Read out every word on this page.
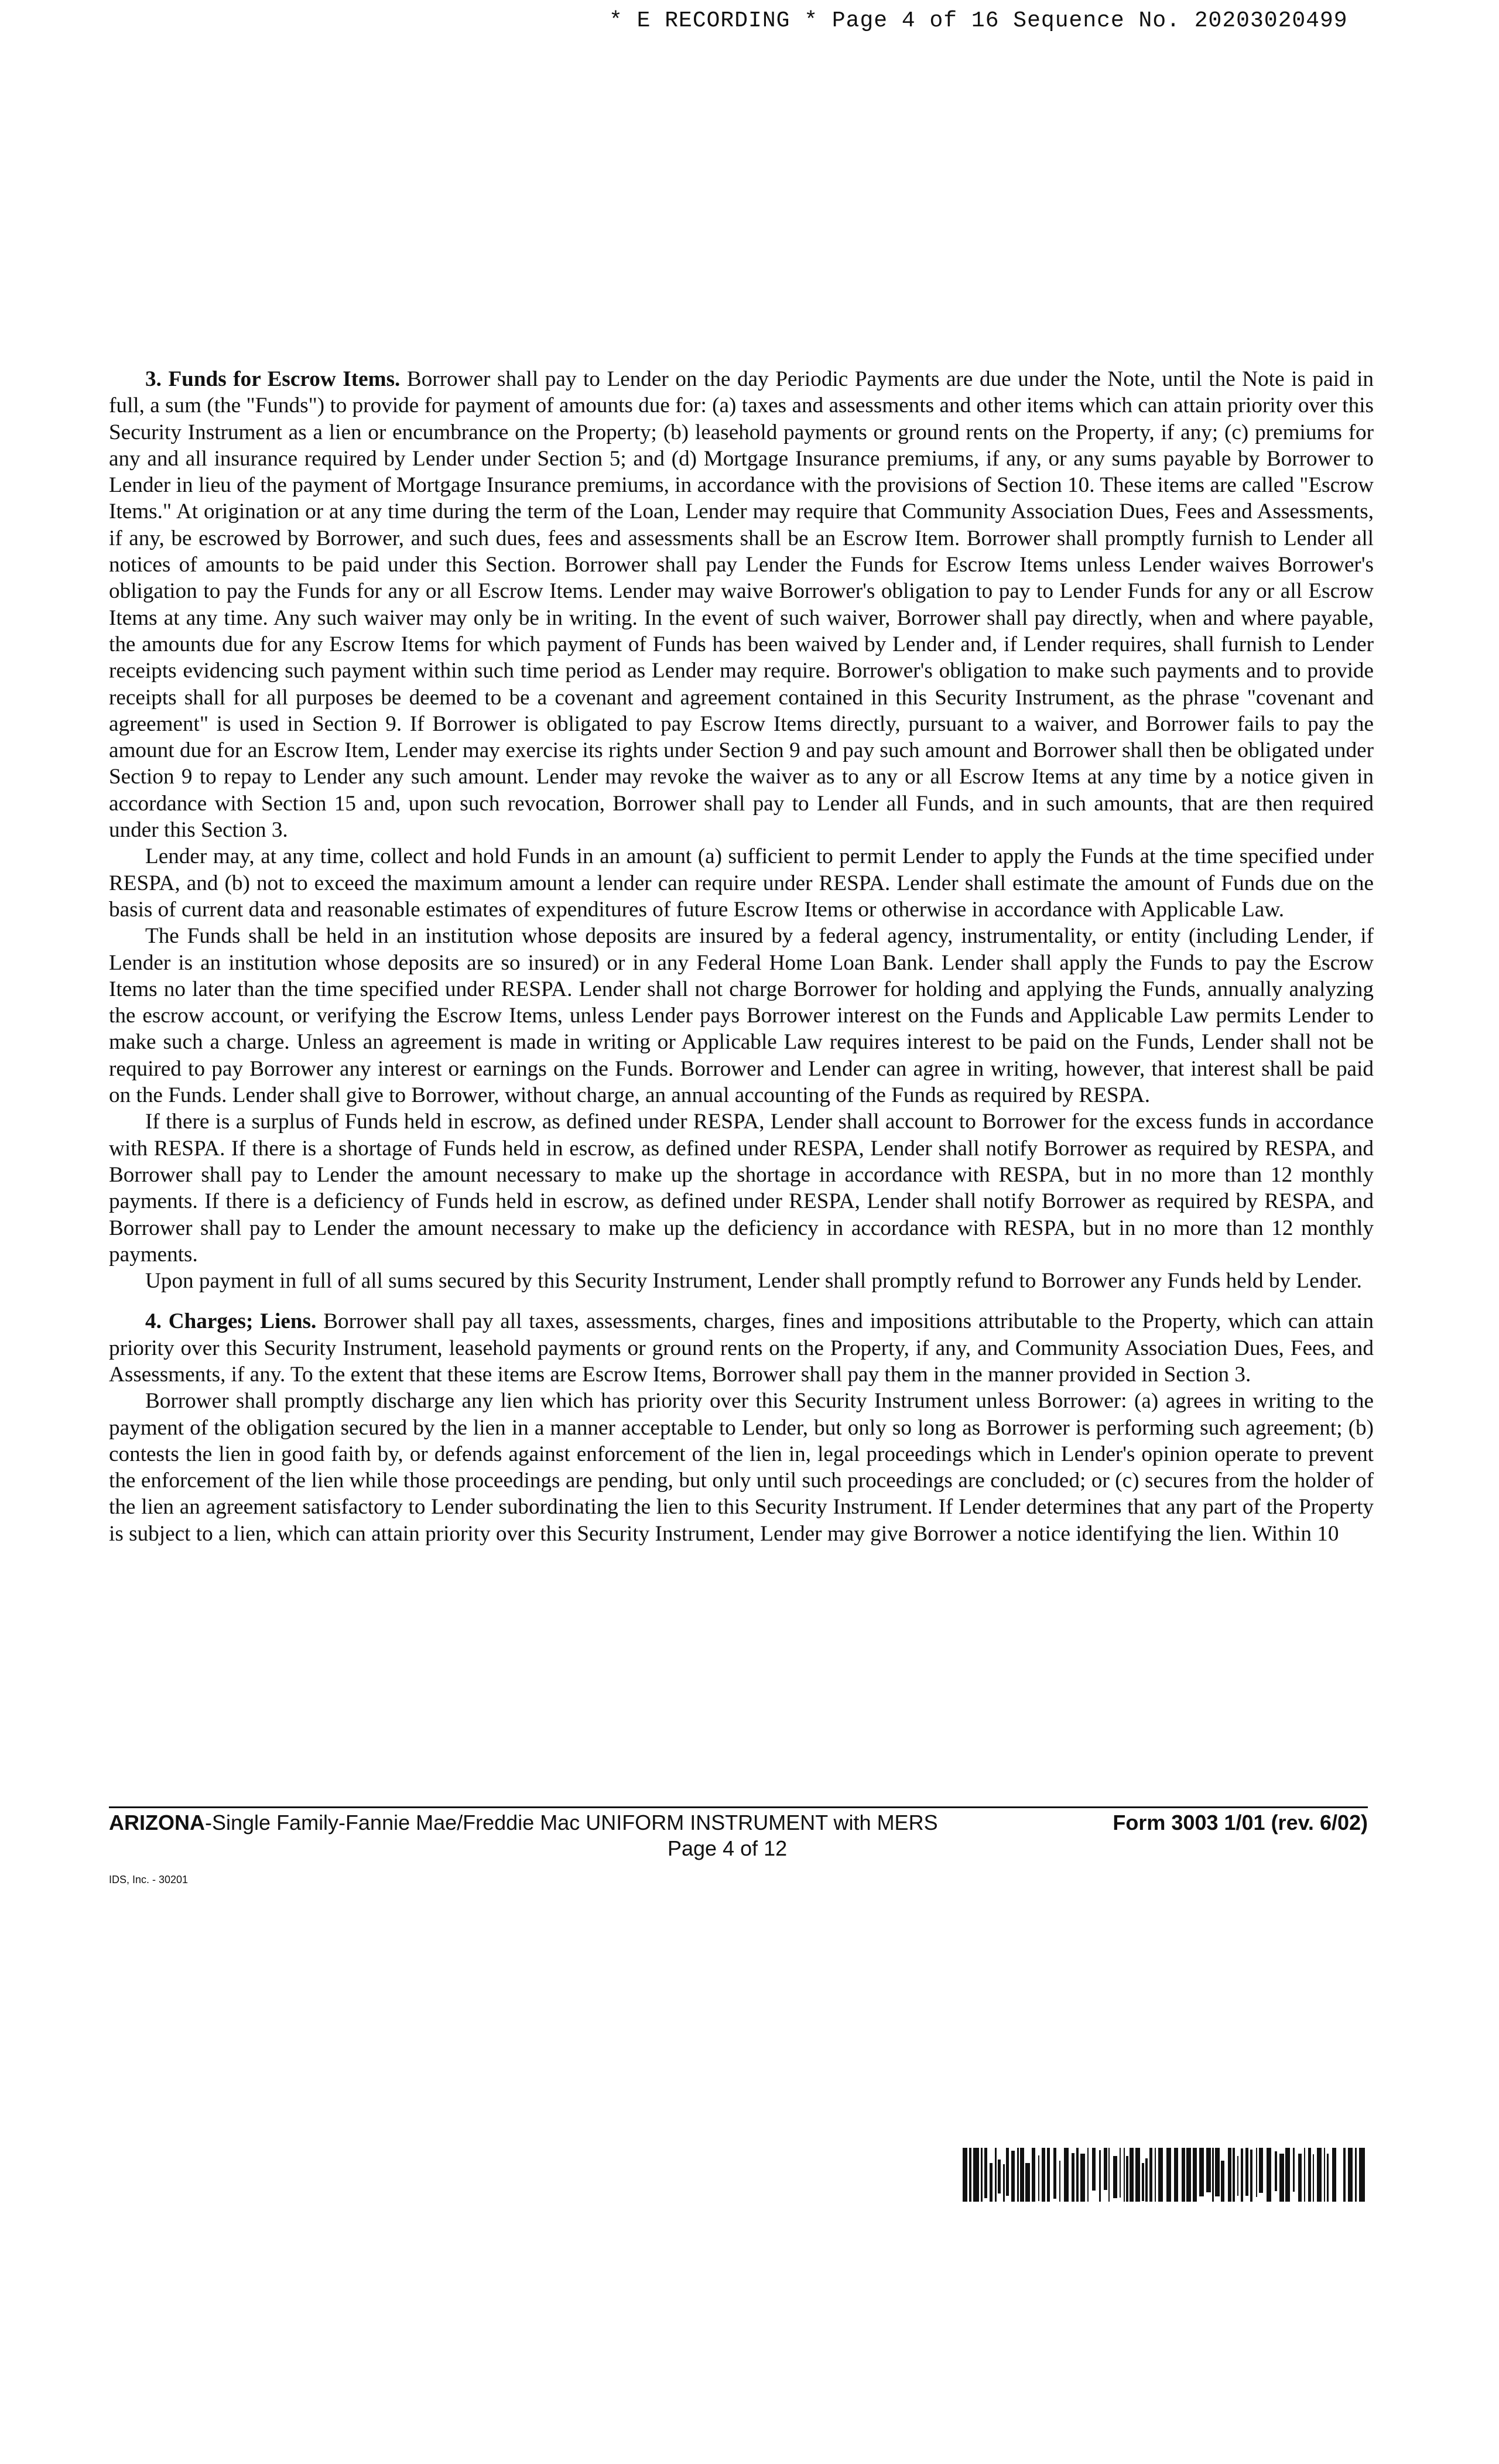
* E RECORDING * Page 4 of 16 Sequence No. 20203020499

3. Funds for Escrow Items. Borrower shall pay to Lender on the day Periodic Payments are due under the Note, until the Note is paid in full, a sum (the "Funds") to provide for payment of amounts due for: (a) taxes and assessments and other items which can attain priority over this Security Instrument as a lien or encumbrance on the Property; (b) leasehold payments or ground rents on the Property, if any; (c) premiums for any and all insurance required by Lender under Section 5; and (d) Mortgage Insurance premiums, if any, or any sums payable by Borrower to Lender in lieu of the payment of Mortgage Insurance premiums, in accordance with the provisions of Section 10. These items are called "Escrow Items." At origination or at any time during the term of the Loan, Lender may require that Community Association Dues, Fees and Assessments, if any, be escrowed by Borrower, and such dues, fees and assessments shall be an Escrow Item. Borrower shall promptly furnish to Lender all notices of amounts to be paid under this Section. Borrower shall pay Lender the Funds for Escrow Items unless Lender waives Borrower's obligation to pay the Funds for any or all Escrow Items. Lender may waive Borrower's obligation to pay to Lender Funds for any or all Escrow Items at any time. Any such waiver may only be in writing. In the event of such waiver, Borrower shall pay directly, when and where payable, the amounts due for any Escrow Items for which payment of Funds has been waived by Lender and, if Lender requires, shall furnish to Lender receipts evidencing such payment within such time period as Lender may require. Borrower's obligation to make such payments and to provide receipts shall for all purposes be deemed to be a covenant and agreement contained in this Security Instrument, as the phrase "covenant and agreement" is used in Section 9. If Borrower is obligated to pay Escrow Items directly, pursuant to a waiver, and Borrower fails to pay the amount due for an Escrow Item, Lender may exercise its rights under Section 9 and pay such amount and Borrower shall then be obligated under Section 9 to repay to Lender any such amount. Lender may revoke the waiver as to any or all Escrow Items at any time by a notice given in accordance with Section 15 and, upon such revocation, Borrower shall pay to Lender all Funds, and in such amounts, that are then required under this Section 3.

Lender may, at any time, collect and hold Funds in an amount (a) sufficient to permit Lender to apply the Funds at the time specified under RESPA, and (b) not to exceed the maximum amount a lender can require under RESPA. Lender shall estimate the amount of Funds due on the basis of current data and reasonable estimates of expenditures of future Escrow Items or otherwise in accordance with Applicable Law.

The Funds shall be held in an institution whose deposits are insured by a federal agency, instrumentality, or entity (including Lender, if Lender is an institution whose deposits are so insured) or in any Federal Home Loan Bank. Lender shall apply the Funds to pay the Escrow Items no later than the time specified under RESPA. Lender shall not charge Borrower for holding and applying the Funds, annually analyzing the escrow account, or verifying the Escrow Items, unless Lender pays Borrower interest on the Funds and Applicable Law permits Lender to make such a charge. Unless an agreement is made in writing or Applicable Law requires interest to be paid on the Funds, Lender shall not be required to pay Borrower any interest or earnings on the Funds. Borrower and Lender can agree in writing, however, that interest shall be paid on the Funds. Lender shall give to Borrower, without charge, an annual accounting of the Funds as required by RESPA.

If there is a surplus of Funds held in escrow, as defined under RESPA, Lender shall account to Borrower for the excess funds in accordance with RESPA. If there is a shortage of Funds held in escrow, as defined under RESPA, Lender shall notify Borrower as required by RESPA, and Borrower shall pay to Lender the amount necessary to make up the shortage in accordance with RESPA, but in no more than 12 monthly payments. If there is a deficiency of Funds held in escrow, as defined under RESPA, Lender shall notify Borrower as required by RESPA, and Borrower shall pay to Lender the amount necessary to make up the deficiency in accordance with RESPA, but in no more than 12 monthly payments.

Upon payment in full of all sums secured by this Security Instrument, Lender shall promptly refund to Borrower any Funds held by Lender.

4. Charges; Liens. Borrower shall pay all taxes, assessments, charges, fines and impositions attributable to the Property, which can attain priority over this Security Instrument, leasehold payments or ground rents on the Property, if any, and Community Association Dues, Fees, and Assessments, if any. To the extent that these items are Escrow Items, Borrower shall pay them in the manner provided in Section 3.

Borrower shall promptly discharge any lien which has priority over this Security Instrument unless Borrower: (a) agrees in writing to the payment of the obligation secured by the lien in a manner acceptable to Lender, but only so long as Borrower is performing such agreement; (b) contests the lien in good faith by, or defends against enforcement of the lien in, legal proceedings which in Lender's opinion operate to prevent the enforcement of the lien while those proceedings are pending, but only until such proceedings are concluded; or (c) secures from the holder of the lien an agreement satisfactory to Lender subordinating the lien to this Security Instrument. If Lender determines that any part of the Property is subject to a lien, which can attain priority over this Security Instrument, Lender may give Borrower a notice identifying the lien. Within 10

ARIZONA-Single Family-Fannie Mae/Freddie Mac UNIFORM INSTRUMENT with MERS	Form 3003 1/01 (rev. 6/02)
Page 4 of 12
IDS, Inc. - 30201
